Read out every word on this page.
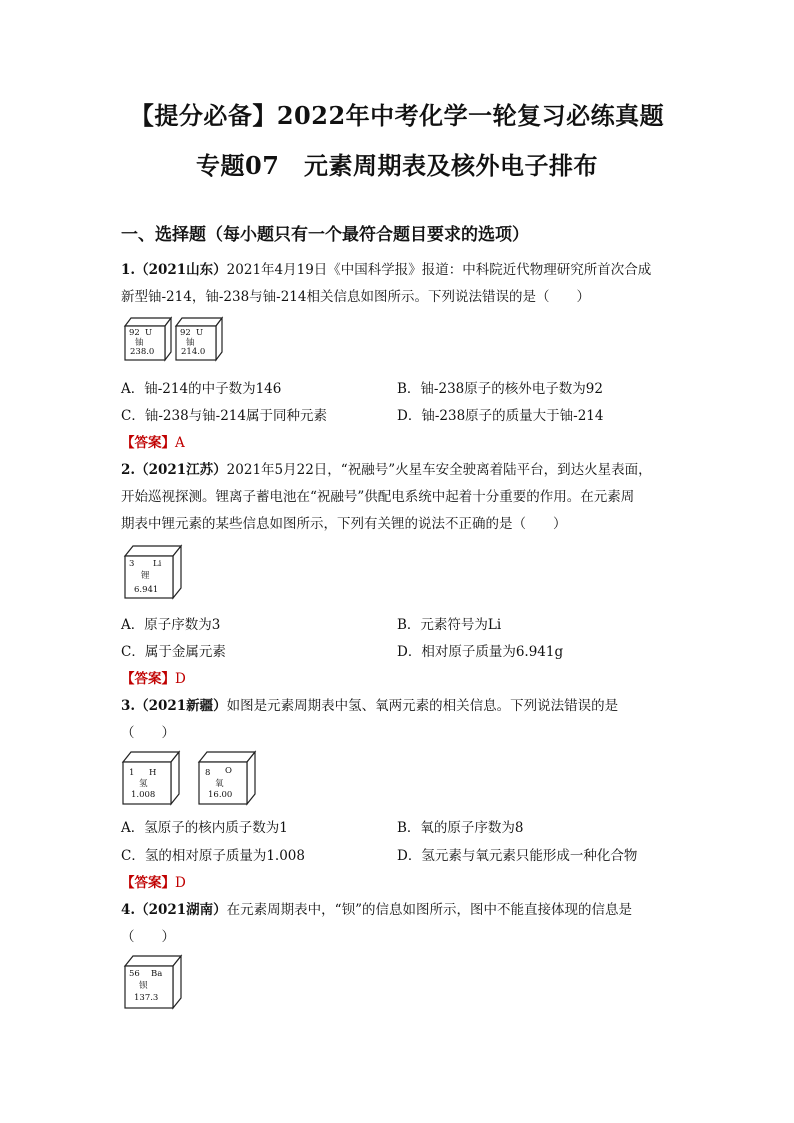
【提分必备】2022年中考化学一轮复习必练真题
专题07　元素周期表及核外电子排布
一、选择题（每小题只有一个最符合题目要求的选项）
1.（2021山东）2021年4月19日《中国科学报》报道：中科院近代物理研究所首次合成
新型铀-214，铀-238与铀-214相关信息如图所示。下列说法错误的是（　　）
92 U
铀
238.0
92 U
铀
214.0
A．铀-214的中子数为146	B．铀-238原子的核外电子数为92
C．铀-238与铀-214属于同种元素	D．铀-238原子的质量大于铀-214
【答案】A
2.（2021江苏）2021年5月22日，“祝融号”火星车安全驶离着陆平台，到达火星表面，
开始巡视探测。锂离子蓄电池在“祝融号”供配电系统中起着十分重要的作用。在元素周
期表中锂元素的某些信息如图所示，下列有关锂的说法不正确的是（　　）
3 Li
锂
6.941
A．原子序数为3	B．元素符号为Li
C．属于金属元素	D．相对原子质量为6.941g
【答案】D
3.（2021新疆）如图是元素周期表中氢、氧两元素的相关信息。下列说法错误的是
（　　）
1 H
氢
1.008
8 O
氧
16.00
A．氢原子的核内质子数为1	B．氧的原子序数为8
C．氢的相对原子质量为1.008	D．氢元素与氧元素只能形成一种化合物
【答案】D
4.（2021湖南）在元素周期表中，“钡”的信息如图所示，图中不能直接体现的信息是
（　　）
56 Ba
钡
137.3
